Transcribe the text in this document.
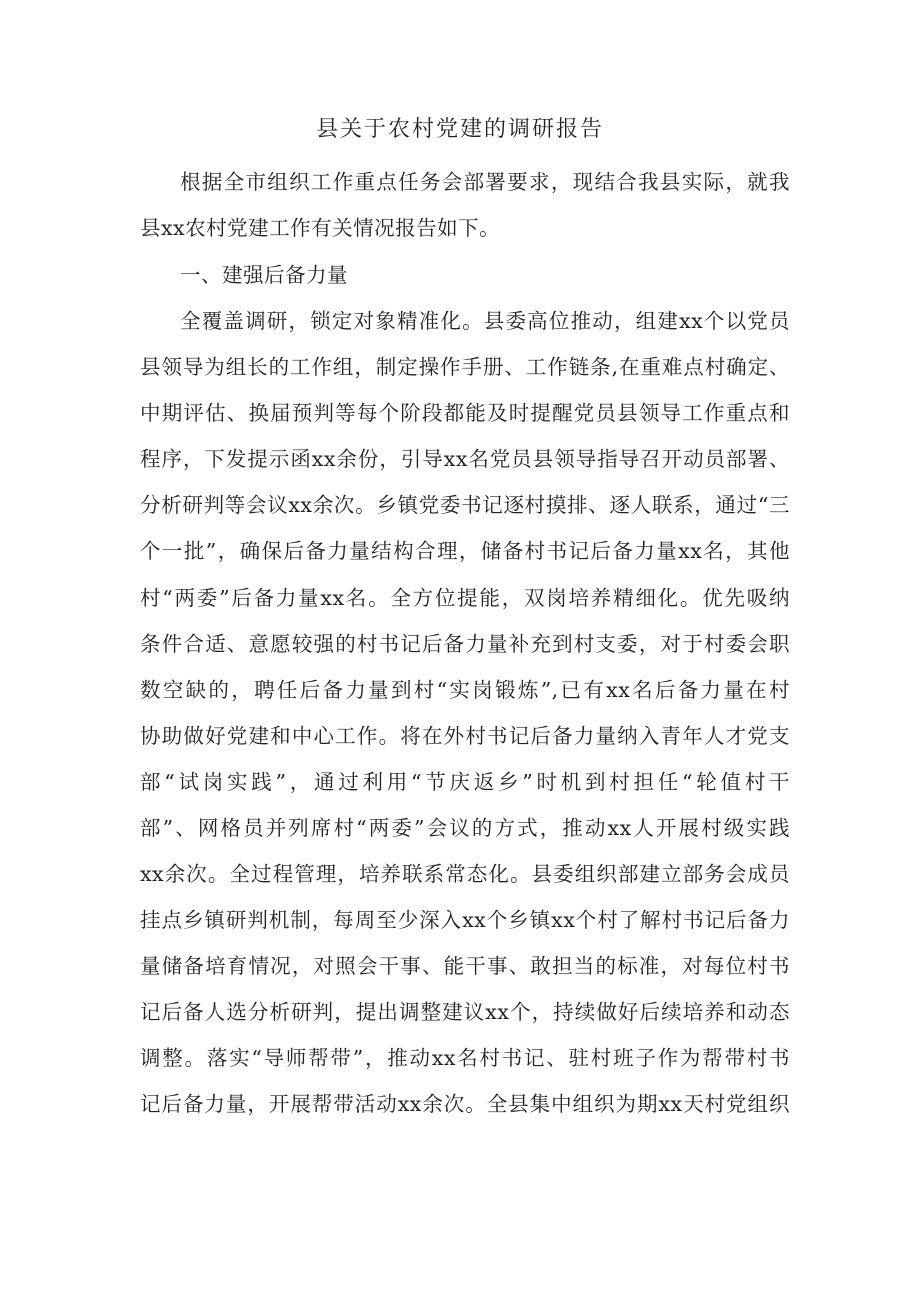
县关于农村党建的调研报告

根据全市组织工作重点任务会部署要求，现结合我县实际，就我

县xx农村党建工作有关情况报告如下。

一、建强后备力量

全覆盖调研，锁定对象精准化。县委高位推动，组建xx个以党员

县领导为组长的工作组，制定操作手册、工作链条,在重难点村确定、

中期评估、换届预判等每个阶段都能及时提醒党员县领导工作重点和

程序，下发提示函xx余份，引导xx名党员县领导指导召开动员部署、

分析研判等会议xx余次。乡镇党委书记逐村摸排、逐人联系，通过“三

个一批”，确保后备力量结构合理，储备村书记后备力量xx名，其他

村“两委”后备力量xx名。全方位提能，双岗培养精细化。优先吸纳

条件合适、意愿较强的村书记后备力量补充到村支委，对于村委会职

数空缺的，聘任后备力量到村“实岗锻炼”,已有xx名后备力量在村

协助做好党建和中心工作。将在外村书记后备力量纳入青年人才党支

部“试岗实践”，通过利用“节庆返乡”时机到村担任“轮值村干

部”、网格员并列席村“两委”会议的方式，推动xx人开展村级实践

xx余次。全过程管理，培养联系常态化。县委组织部建立部务会成员

挂点乡镇研判机制，每周至少深入xx个乡镇xx个村了解村书记后备力

量储备培育情况，对照会干事、能干事、敢担当的标准，对每位村书

记后备人选分析研判，提出调整建议xx个，持续做好后续培养和动态

调整。落实“导师帮带”，推动xx名村书记、驻村班子作为帮带村书

记后备力量，开展帮带活动xx余次。全县集中组织为期xx天村党组织
